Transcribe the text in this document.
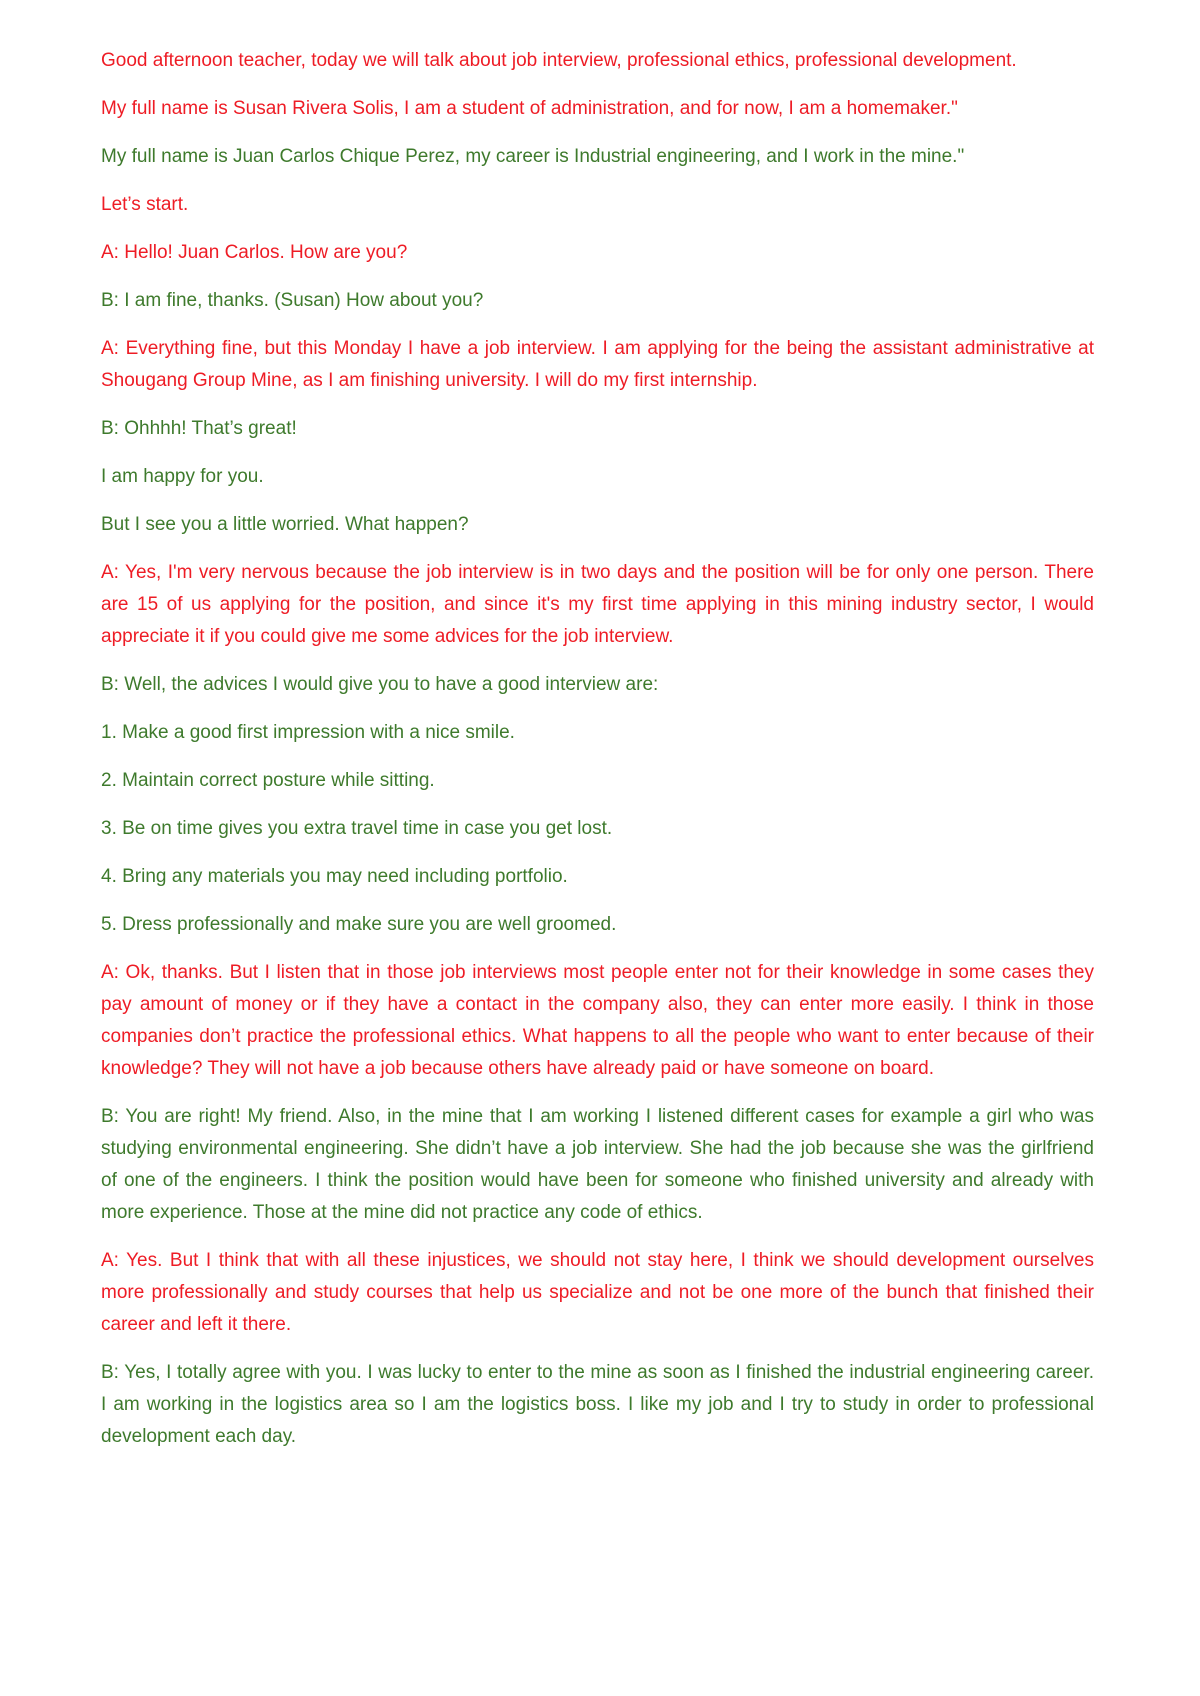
Good afternoon teacher, today we will talk about job interview, professional ethics, professional development.

My full name is Susan Rivera Solis, I am a student of administration, and for now, I am a homemaker."

My full name is Juan Carlos Chique Perez, my career is Industrial engineering, and I work in the mine."

Let’s start.

A: Hello! Juan Carlos. How are you?

B: I am fine, thanks. (Susan) How about you?

A: Everything fine, but this Monday I have a job interview. I am applying for the being the assistant administrative at Shougang Group Mine, as I am finishing university. I will do my first internship.

B: Ohhhh! That’s great!

I am happy for you.

But I see you a little worried. What happen?

A: Yes, I'm very nervous because the job interview is in two days and the position will be for only one person. There are 15 of us applying for the position, and since it's my first time applying in this mining industry sector, I would appreciate it if you could give me some advices for the job interview.

B: Well, the advices I would give you to have a good interview are:

1. Make a good first impression with a nice smile.

2. Maintain correct posture while sitting.

3. Be on time gives you extra travel time in case you get lost.

4. Bring any materials you may need including portfolio.

5. Dress professionally and make sure you are well groomed.

A: Ok, thanks. But I listen that in those job interviews most people enter not for their knowledge in some cases they pay amount of money or if they have a contact in the company also, they can enter more easily. I think in those companies don’t practice the professional ethics. What happens to all the people who want to enter because of their knowledge? They will not have a job because others have already paid or have someone on board.

B: You are right! My friend. Also, in the mine that I am working I listened different cases for example a girl who was studying environmental engineering. She didn’t have a job interview. She had the job because she was the girlfriend of one of the engineers. I think the position would have been for someone who finished university and already with more experience. Those at the mine did not practice any code of ethics.

A: Yes. But I think that with all these injustices, we should not stay here, I think we should development ourselves more professionally and study courses that help us specialize and not be one more of the bunch that finished their career and left it there.

B: Yes, I totally agree with you. I was lucky to enter to the mine as soon as I finished the industrial engineering career. I am working in the logistics area so I am the logistics boss. I like my job and I try to study in order to professional development each day.
